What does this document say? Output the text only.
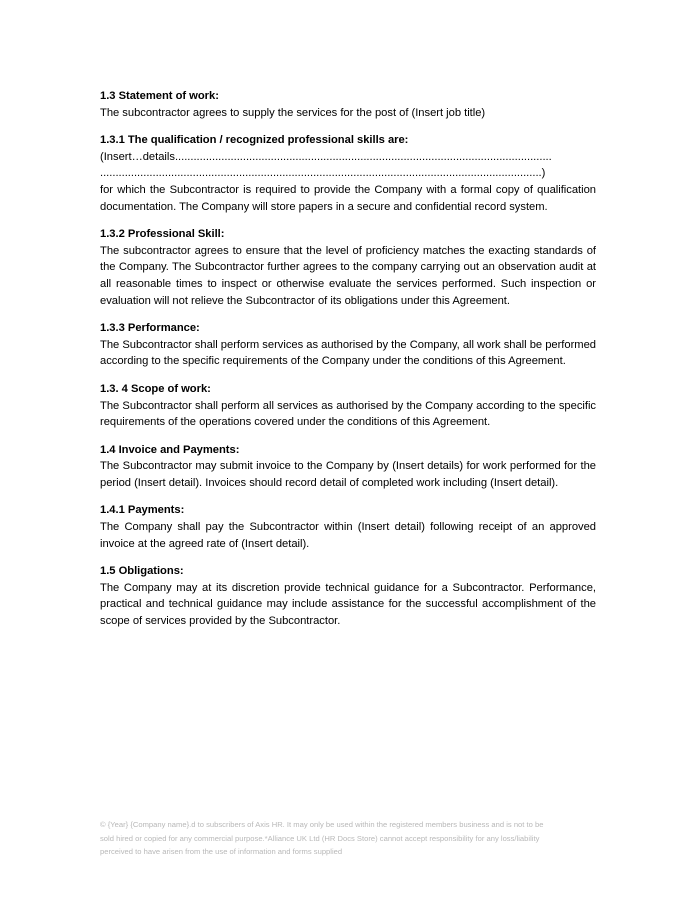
1.3 Statement of work:

The subcontractor agrees to supply the services for the post of (Insert job title)

1.3.1 The qualification / recognized professional skills are:

(Insert…details..........................................................................................................................

...............................................................................................................................................)

for which the Subcontractor is required to provide the Company with a formal copy of qualification documentation. The Company will store papers in a secure and confidential record system.

1.3.2 Professional Skill:

The subcontractor agrees to ensure that the level of proficiency matches the exacting standards of the Company. The Subcontractor further agrees to the company carrying out an observation audit at all reasonable times to inspect or otherwise evaluate the services performed. Such inspection or evaluation will not relieve the Subcontractor of its obligations under this Agreement.

1.3.3 Performance:

The Subcontractor shall perform services as authorised by the Company, all work shall be performed according to the specific requirements of the Company under the conditions of this Agreement.

1.3. 4 Scope of work:

The Subcontractor shall perform all services as authorised by the Company according to the specific requirements of the operations covered under the conditions of this Agreement.

1.4 Invoice and Payments:

The Subcontractor may submit invoice to the Company by (Insert details) for work performed for the period (Insert detail). Invoices should record detail of completed work including (Insert detail).

1.4.1 Payments:

The Company shall pay the Subcontractor within (Insert detail) following receipt of an approved invoice at the agreed rate of (Insert detail).

1.5 Obligations:

The Company may at its discretion provide technical guidance for a Subcontractor. Performance, practical and technical guidance may include assistance for the successful accomplishment of the scope of services provided by the Subcontractor.

© {Year} {Company name}.d to subscribers of Axis HR. It may only be used within the registered members business and is not to be

sold hired or copied for any commercial purpose.*Alliance UK Ltd (HR Docs Store) cannot accept responsibility for any loss/liability

perceived to have arisen from the use of information and forms supplied
